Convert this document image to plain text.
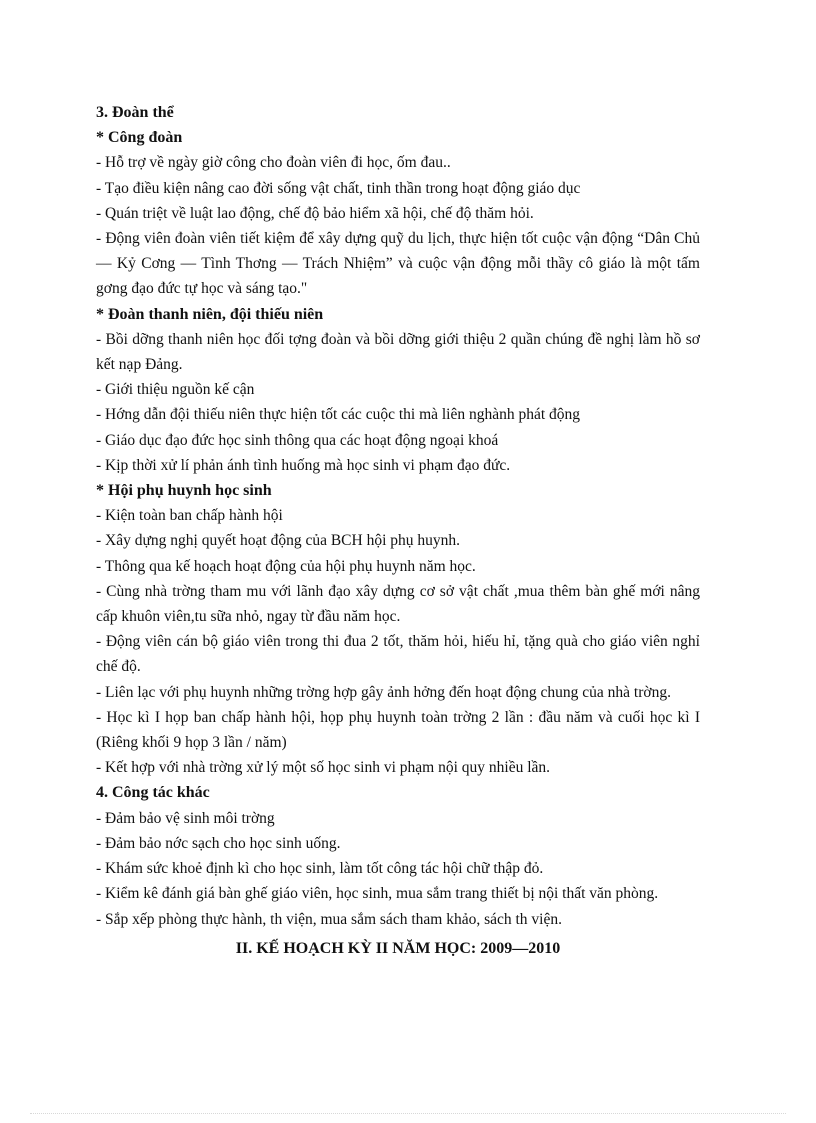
3. Đoàn thể
* Công đoàn
- Hỗ trợ về ngày giờ công cho đoàn viên đi học, ốm đau..
- Tạo điều kiện nâng cao đời sống vật chất, tinh thần trong hoạt động giáo dục
- Quán triệt về luật lao động, chế độ bảo hiểm xã hội, chế độ thăm hỏi.
- Động viên đoàn viên tiết kiệm để xây dựng quỹ du lịch, thực hiện tốt cuộc vận động “Dân Chủ — Kỷ Cơng — Tình Thơng — Trách Nhiệm” và cuộc vận động mỗi thầy cô giáo là một tấm gơng đạo đức tự học và sáng tạo."
* Đoàn thanh niên, đội thiếu niên
- Bồi dỡng thanh niên học đối tợng đoàn và bồi dỡng giới thiệu 2 quần chúng đề nghị làm hồ sơ kết nạp Đảng.
- Giới thiệu nguồn kế cận
- Hớng dẫn đội thiếu niên thực hiện tốt các cuộc thi mà liên nghành phát động
- Giáo dục đạo đức học sinh thông qua các hoạt động ngoại khoá
- Kịp thời xử lí phản ánh tình huống mà học sinh vi phạm đạo đức.
* Hội phụ huynh học sinh
- Kiện toàn ban chấp hành hội
- Xây dựng nghị quyết hoạt động của BCH hội phụ huynh.
- Thông qua kế hoạch hoạt động của hội phụ huynh năm học.
- Cùng nhà trờng tham mu với lãnh đạo xây dựng cơ sở vật chất ,mua thêm bàn ghế mới nâng cấp khuôn viên,tu sữa nhỏ, ngay từ đầu năm học.
- Động viên cán bộ giáo viên trong thi đua 2 tốt, thăm hỏi, hiếu hỉ, tặng quà cho giáo viên nghỉ chế độ.
- Liên lạc với phụ huynh những trờng hợp gây ảnh hởng đến hoạt động chung của nhà trờng.
- Học kì I họp ban chấp hành hội, họp phụ huynh toàn trờng 2 lần : đầu năm và cuối học kì I (Riêng khối 9 họp 3 lần / năm)
- Kết hợp với nhà trờng xử lý một số học sinh vi phạm nội quy nhiều lần.
4. Công tác khác
- Đảm bảo vệ sinh môi trờng
- Đảm bảo nớc sạch cho học sinh uống.
- Khám sức khoẻ định kì cho học sinh, làm tốt công tác hội chữ thập đỏ.
- Kiểm kê đánh giá bàn ghế giáo viên, học sinh, mua sắm trang thiết bị nội thất văn phòng.
- Sắp xếp phòng thực hành, th viện, mua sắm sách tham khảo, sách th viện.
II. KẾ HOẠCH KỲ II NĂM HỌC: 2009—2010
